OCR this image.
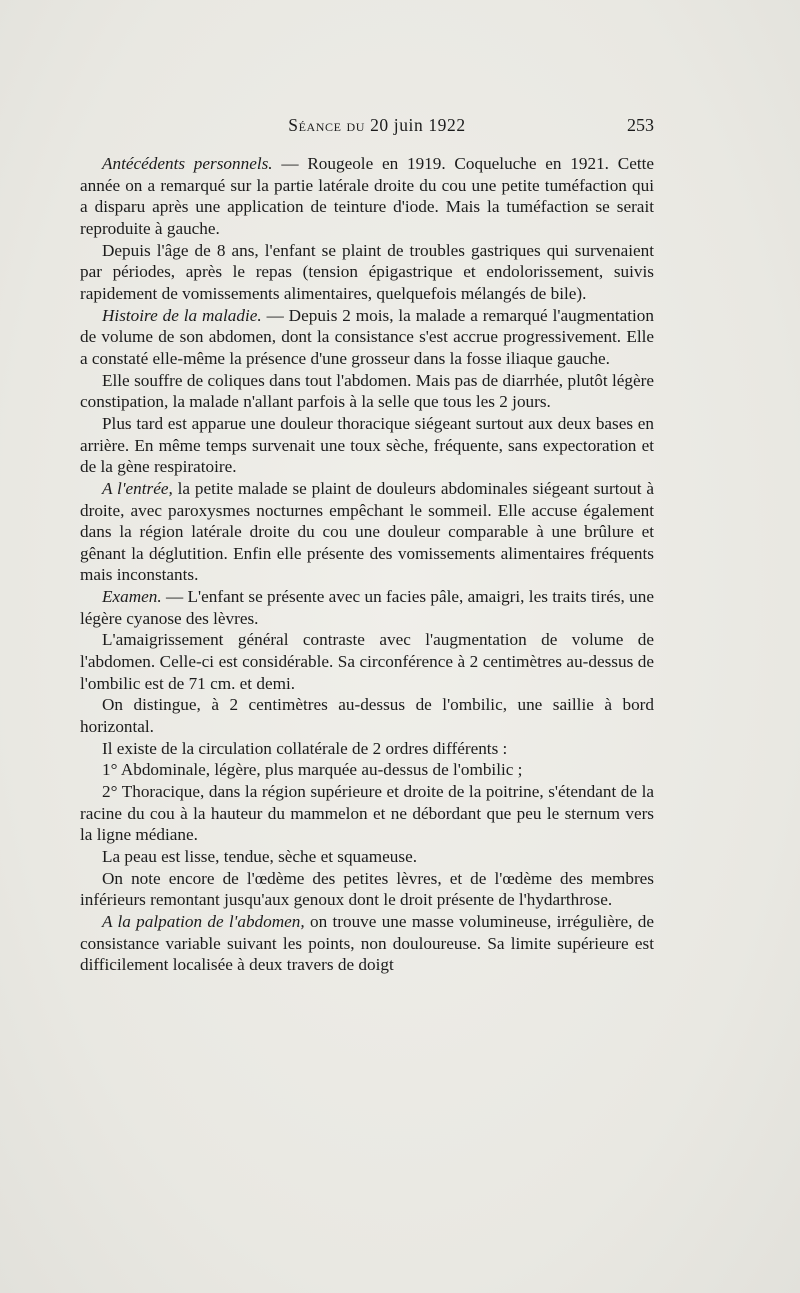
Séance du 20 juin 1922	253

Antécédents personnels. — Rougeole en 1919. Coqueluche en 1921. Cette année on a remarqué sur la partie latérale droite du cou une petite tuméfaction qui a disparu après une application de teinture d'iode. Mais la tuméfaction se serait reproduite à gauche.

Depuis l'âge de 8 ans, l'enfant se plaint de troubles gastriques qui survenaient par périodes, après le repas (tension épigastrique et endolorissement, suivis rapidement de vomissements alimentaires, quelquefois mélangés de bile).

Histoire de la maladie. — Depuis 2 mois, la malade a remarqué l'augmentation de volume de son abdomen, dont la consistance s'est accrue progressivement. Elle a constaté elle-même la présence d'une grosseur dans la fosse iliaque gauche.

Elle souffre de coliques dans tout l'abdomen. Mais pas de diarrhée, plutôt légère constipation, la malade n'allant parfois à la selle que tous les 2 jours.

Plus tard est apparue une douleur thoracique siégeant surtout aux deux bases en arrière. En même temps survenait une toux sèche, fréquente, sans expectoration et de la gène respiratoire.

A l'entrée, la petite malade se plaint de douleurs abdominales siégeant surtout à droite, avec paroxysmes nocturnes empêchant le sommeil. Elle accuse également dans la région latérale droite du cou une douleur comparable à une brûlure et gênant la déglutition. Enfin elle présente des vomissements alimentaires fréquents mais inconstants.

Examen. — L'enfant se présente avec un facies pâle, amaigri, les traits tirés, une légère cyanose des lèvres.

L'amaigrissement général contraste avec l'augmentation de volume de l'abdomen. Celle-ci est considérable. Sa circonférence à 2 centimètres au-dessus de l'ombilic est de 71 cm. et demi.

On distingue, à 2 centimètres au-dessus de l'ombilic, une saillie à bord horizontal.

Il existe de la circulation collatérale de 2 ordres différents :

1° Abdominale, légère, plus marquée au-dessus de l'ombilic ;

2° Thoracique, dans la région supérieure et droite de la poitrine, s'étendant de la racine du cou à la hauteur du mammelon et ne débordant que peu le sternum vers la ligne médiane.

La peau est lisse, tendue, sèche et squameuse.

On note encore de l'œdème des petites lèvres, et de l'œdème des membres inférieurs remontant jusqu'aux genoux dont le droit présente de l'hydarthrose.

A la palpation de l'abdomen, on trouve une masse volumineuse, irrégulière, de consistance variable suivant les points, non douloureuse. Sa limite supérieure est difficilement localisée à deux travers de doigt
